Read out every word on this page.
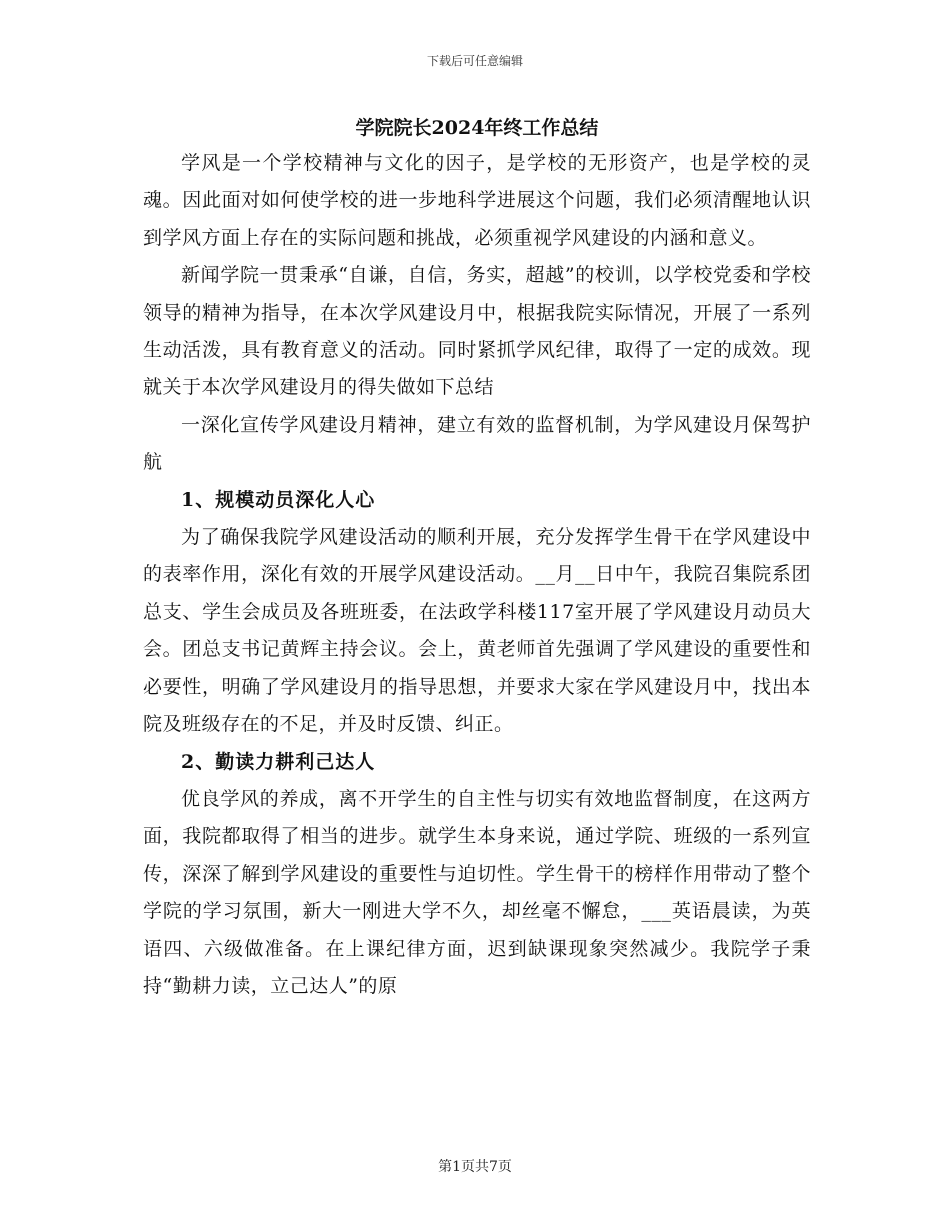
下载后可任意编辑
学院院长2024年终工作总结

学风是一个学校精神与文化的因子，是学校的无形资产，也是学校的灵魂。因此面对如何使学校的进一步地科学进展这个问题，我们必须清醒地认识到学风方面上存在的实际问题和挑战，必须重视学风建设的内涵和意义。

新闻学院一贯秉承“自谦，自信，务实，超越”的校训，以学校党委和学校领导的精神为指导，在本次学风建设月中，根据我院实际情况，开展了一系列生动活泼，具有教育意义的活动。同时紧抓学风纪律，取得了一定的成效。现就关于本次学风建设月的得失做如下总结

一深化宣传学风建设月精神，建立有效的监督机制，为学风建设月保驾护航

1、规模动员深化人心

为了确保我院学风建设活动的顺利开展，充分发挥学生骨干在学风建设中的表率作用，深化有效的开展学风建设活动。__月__日中午，我院召集院系团总支、学生会成员及各班班委，在法政学科楼117室开展了学风建设月动员大会。团总支书记黄辉主持会议。会上，黄老师首先强调了学风建设的重要性和必要性，明确了学风建设月的指导思想，并要求大家在学风建设月中，找出本院及班级存在的不足，并及时反馈、纠正。

2、勤读力耕利己达人

优良学风的养成，离不开学生的自主性与切实有效地监督制度，在这两方面，我院都取得了相当的进步。就学生本身来说，通过学院、班级的一系列宣传，深深了解到学风建设的重要性与迫切性。学生骨干的榜样作用带动了整个学院的学习氛围，新大一刚进大学不久，却丝毫不懈怠，___英语晨读，为英语四、六级做准备。在上课纪律方面，迟到缺课现象突然减少。我院学子秉持“勤耕力读，立己达人”的原

第1页共7页
